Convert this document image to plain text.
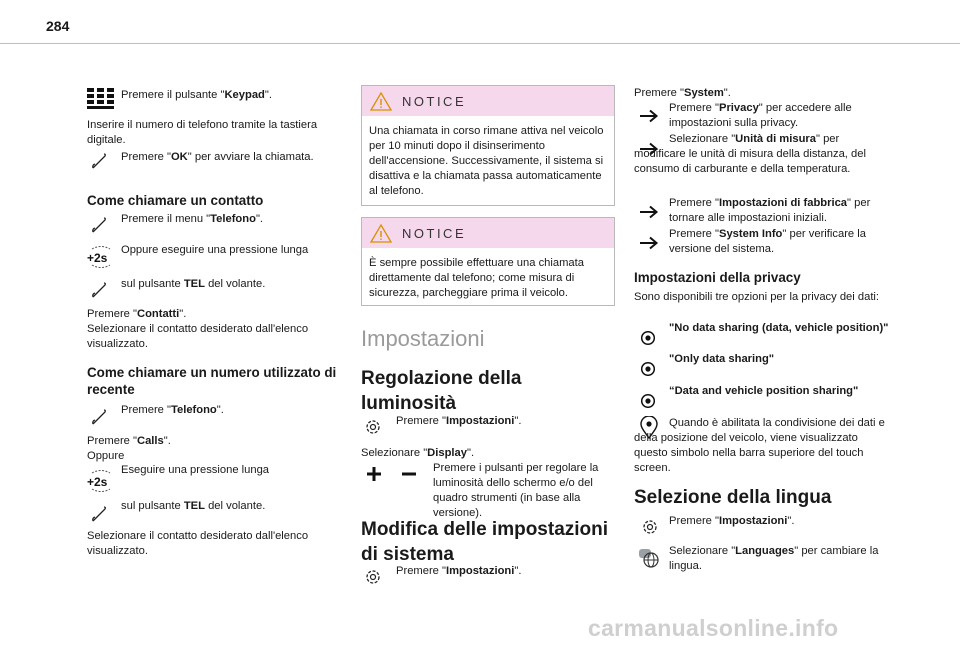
284
Premere il pulsante "Keypad".
Inserire il numero di telefono tramite la tastiera digitale.
Premere "OK" per avviare la chiamata.
Come chiamare un contatto
Premere il menu "Telefono".
+2s
Oppure eseguire una pressione lunga
sul pulsante TEL del volante.
Premere "Contatti".
Selezionare il contatto desiderato dall'elenco visualizzato.
Come chiamare un numero utilizzato di recente
Premere "Telefono".
Premere "Calls".
Oppure
+2s
Eseguire una pressione lunga
sul pulsante TEL del volante.
Selezionare il contatto desiderato dall'elenco visualizzato.
NOTICE
Una chiamata in corso rimane attiva nel veicolo per 10 minuti dopo il disinserimento dell'accensione. Successivamente, il sistema si disattiva e la chiamata passa automaticamente al telefono.
NOTICE
È sempre possibile effettuare una chiamata direttamente dal telefono; come misura di sicurezza, parcheggiare prima il veicolo.
Impostazioni
Regolazione della luminosità
Premere "Impostazioni".
Selezionare "Display".
Premere i pulsanti per regolare la luminosità dello schermo e/o del quadro strumenti (in base alla versione).
Modifica delle impostazioni di sistema
Premere "Impostazioni".
Premere "System".
Premere "Privacy" per accedere alle impostazioni sulla privacy.
Selezionare "Unità di misura" per modificare le unità di misura della distanza, del consumo di carburante e della temperatura.
Premere "Impostazioni di fabbrica" per tornare alle impostazioni iniziali.
Premere "System Info" per verificare la versione del sistema.
Impostazioni della privacy
Sono disponibili tre opzioni per la privacy dei dati:
"No data sharing (data, vehicle position)"
"Only data sharing"
“Data and vehicle position sharing"
Quando è abilitata la condivisione dei dati e della posizione del veicolo, viene visualizzato questo simbolo nella barra superiore del touch screen.
Selezione della lingua
Premere "Impostazioni".
Selezionare "Languages" per cambiare la lingua.
carmanualsonline.info
